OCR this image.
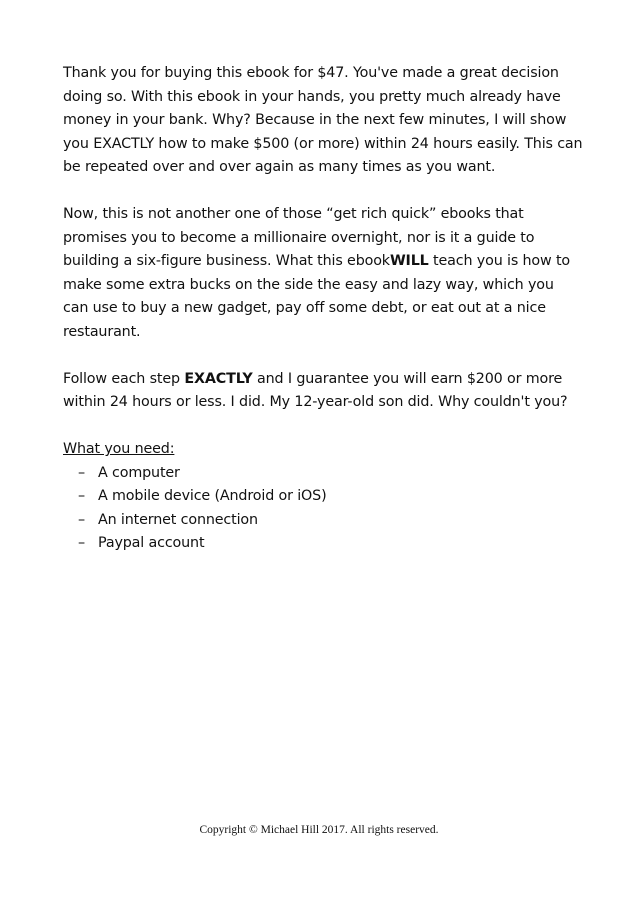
Thank you for buying this ebook for $47. You've made a great decision doing so. With this ebook in your hands, you pretty much already have money in your bank. Why? Because in the next few minutes, I will show you EXACTLY how to make $500 (or more) within 24 hours easily. This can be repeated over and over again as many times as you want.

Now, this is not another one of those “get rich quick” ebooks that promises you to become a millionaire overnight, nor is it a guide to building a six-figure business. What this ebookWILL teach you is how to make some extra bucks on the side the easy and lazy way, which you can use to buy a new gadget, pay off some debt, or eat out at a nice restaurant.

Follow each step EXACTLY and I guarantee you will earn $200 or more within 24 hours or less. I did. My 12-year-old son did. Why couldn't you?

What you need:

– A computer
– A mobile device (Android or iOS)
– An internet connection
– Paypal account
Copyright © Michael Hill 2017. All rights reserved.
